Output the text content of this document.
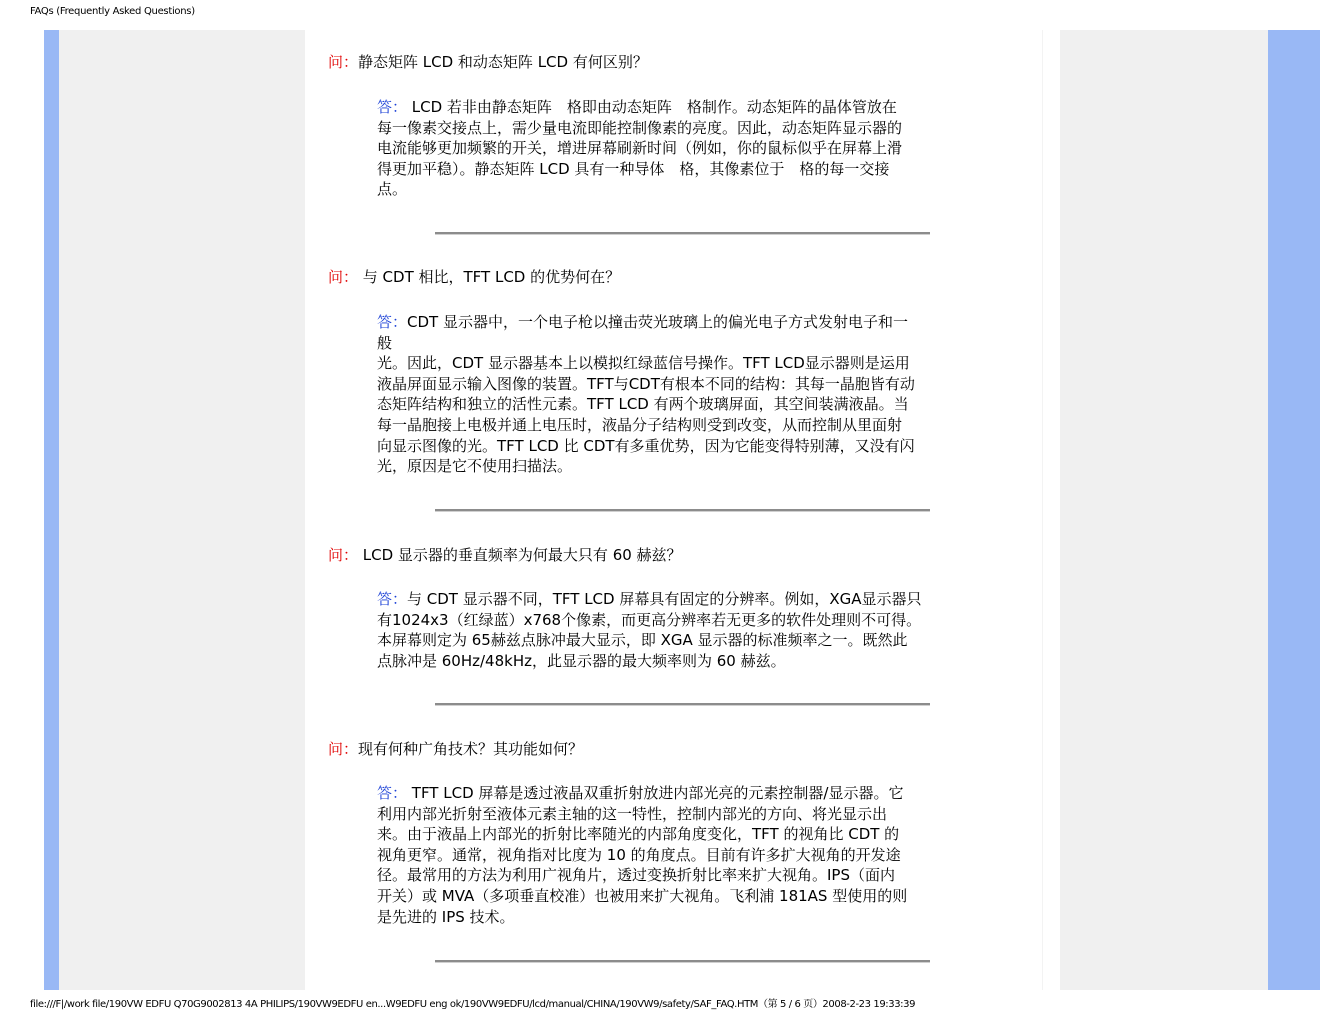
FAQs (Frequently Asked Questions)
问：静态矩阵 LCD 和动态矩阵 LCD 有何区别？
答： LCD 若非由静态矩阵　格即由动态矩阵　格制作。动态矩阵的晶体管放在
每一像素交接点上，需少量电流即能控制像素的亮度。因此，动态矩阵显示器的
电流能够更加频繁的开关，增进屏幕刷新时间（例如，你的鼠标似乎在屏幕上滑
得更加平稳）。静态矩阵 LCD 具有一种导体　格，其像素位于　格的每一交接
点。
问： 与 CDT 相比，TFT LCD 的优势何在？
答：CDT 显示器中，一个电子枪以撞击荧光玻璃上的偏光电子方式发射电子和一
般
光。因此，CDT 显示器基本上以模拟红绿蓝信号操作。TFT LCD显示器则是运用
液晶屏面显示输入图像的装置。TFT与CDT有根本不同的结构：其每一晶胞皆有动
态矩阵结构和独立的活性元素。TFT LCD 有两个玻璃屏面，其空间装满液晶。当
每一晶胞接上电极并通上电压时，液晶分子结构则受到改变，从而控制从里面射
向显示图像的光。TFT LCD 比 CDT有多重优势，因为它能变得特别薄，又没有闪
光，原因是它不使用扫描法。
问： LCD 显示器的垂直频率为何最大只有 60 赫兹？
答：与 CDT 显示器不同，TFT LCD 屏幕具有固定的分辨率。例如，XGA显示器只
有1024x3（红绿蓝）x768个像素，而更高分辨率若无更多的软件处理则不可得。
本屏幕则定为 65赫兹点脉冲最大显示，即 XGA 显示器的标准频率之一。既然此
点脉冲是 60Hz/48kHz，此显示器的最大频率则为 60 赫兹。
问：现有何种广角技术？其功能如何？
答： TFT LCD 屏幕是透过液晶双重折射放进内部光亮的元素控制器/显示器。它
利用内部光折射至液体元素主轴的这一特性，控制内部光的方向、将光显示出
来。由于液晶上内部光的折射比率随光的内部角度变化，TFT 的视角比 CDT 的
视角更窄。通常，视角指对比度为 10 的角度点。目前有许多扩大视角的开发途
径。最常用的方法为利用广视角片，透过变换折射比率来扩大视角。IPS（面内
开关）或 MVA（多项垂直校准）也被用来扩大视角。飞利浦 181AS 型使用的则
是先进的 IPS 技术。
file:///F|/work file/190VW EDFU Q70G9002813 4A PHILIPS/190VW9EDFU en...W9EDFU eng ok/190VW9EDFU/lcd/manual/CHINA/190VW9/safety/SAF_FAQ.HTM（第 5 / 6 页）2008-2-23 19:33:39
